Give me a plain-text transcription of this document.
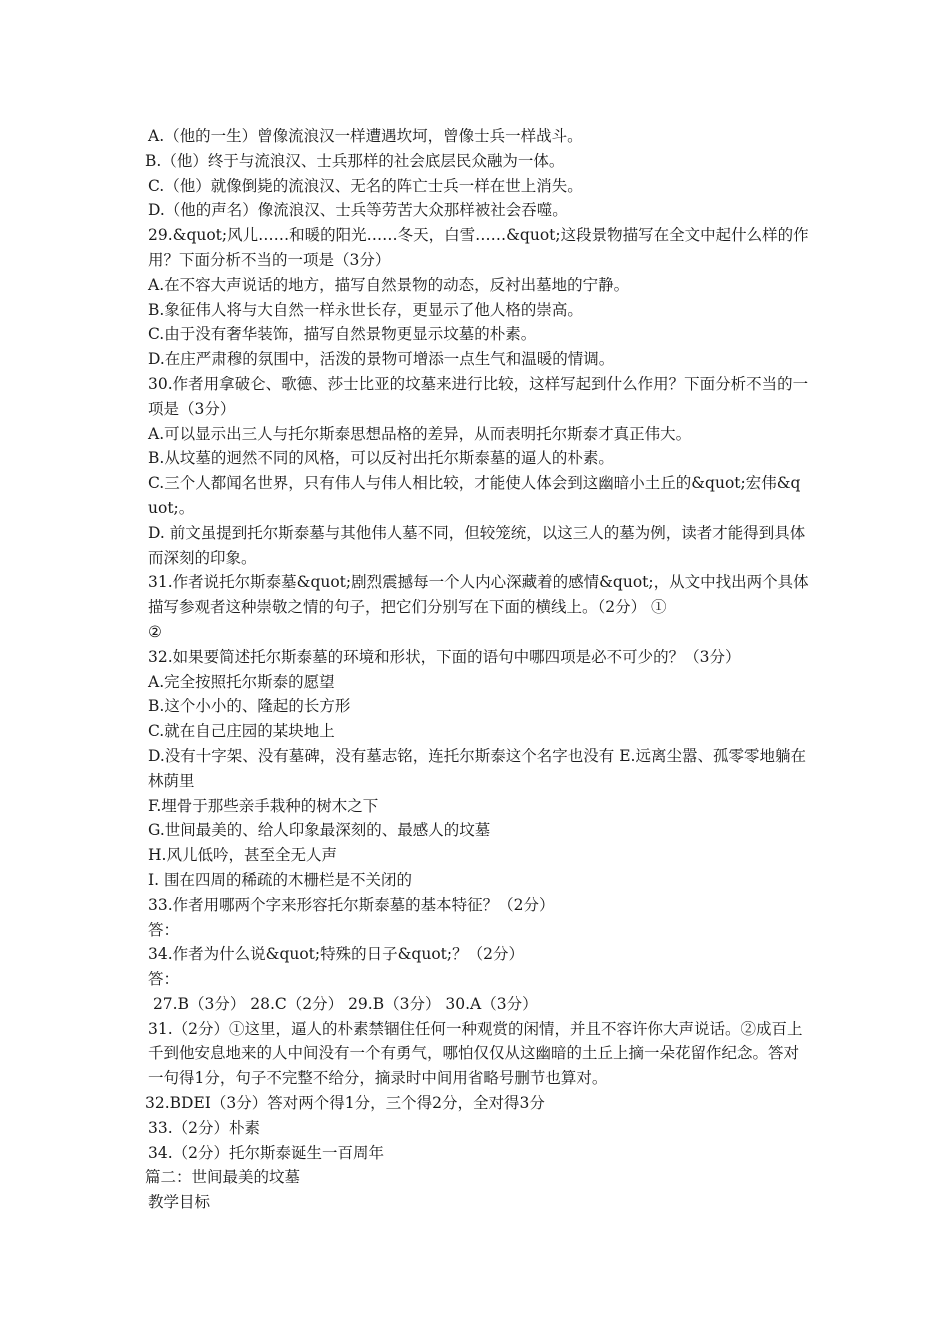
A.（他的一生）曾像流浪汉一样遭遇坎坷，曾像士兵一样战斗。

B.（他）终于与流浪汉、士兵那样的社会底层民众融为一体。

C.（他）就像倒毙的流浪汉、无名的阵亡士兵一样在世上消失。

D.（他的声名）像流浪汉、士兵等劳苦大众那样被社会吞噬。

29.&quot;风儿……和暖的阳光……冬天，白雪……&quot;这段景物描写在全文中起什么样的作用？下面分析不当的一项是（3分）

A.在不容大声说话的地方，描写自然景物的动态，反衬出墓地的宁静。

B.象征伟人将与大自然一样永世长存，更显示了他人格的崇高。

C.由于没有奢华装饰，描写自然景物更显示坟墓的朴素。

D.在庄严肃穆的氛围中，活泼的景物可增添一点生气和温暖的情调。

30.作者用拿破仑、歌德、莎士比亚的坟墓来进行比较，这样写起到什么作用？下面分析不当的一项是（3分）

A.可以显示出三人与托尔斯泰思想品格的差异，从而表明托尔斯泰才真正伟大。

B.从坟墓的迥然不同的风格，可以反衬出托尔斯泰墓的逼人的朴素。

C.三个人都闻名世界，只有伟人与伟人相比较，才能使人体会到这幽暗小土丘的&quot;宏伟&quot;。

D. 前文虽提到托尔斯泰墓与其他伟人墓不同，但较笼统，以这三人的墓为例，读者才能得到具体而深刻的印象。

31.作者说托尔斯泰墓&quot;剧烈震撼每一个人内心深藏着的感情&quot;，从文中找出两个具体描写参观者这种崇敬之情的句子，把它们分别写在下面的横线上。（2分） ①

②

32.如果要简述托尔斯泰墓的环境和形状，下面的语句中哪四项是必不可少的？（3分）

A.完全按照托尔斯泰的愿望

B.这个小小的、隆起的长方形

C.就在自己庄园的某块地上

D.没有十字架、没有墓碑，没有墓志铭，连托尔斯泰这个名字也没有 E.远离尘嚣、孤零零地躺在林荫里

F.埋骨于那些亲手栽种的树木之下

G.世间最美的、给人印象最深刻的、最感人的坟墓

H.风儿低吟，甚至全无人声

I. 围在四周的稀疏的木栅栏是不关闭的

33.作者用哪两个字来形容托尔斯泰墓的基本特征？（2分）

答：

34.作者为什么说&quot;特殊的日子&quot;？（2分）

答：

27.B（3分） 28.C（2分） 29.B（3分） 30.A（3分）

31.（2分）①这里，逼人的朴素禁锢住任何一种观赏的闲情，并且不容许你大声说话。②成百上千到他安息地来的人中间没有一个有勇气，哪怕仅仅从这幽暗的土丘上摘一朵花留作纪念。答对一句得1分，句子不完整不给分，摘录时中间用省略号删节也算对。

32.BDEI（3分）答对两个得1分，三个得2分，全对得3分

33.（2分）朴素

34.（2分）托尔斯泰诞生一百周年

篇二：世间最美的坟墓

教学目标
